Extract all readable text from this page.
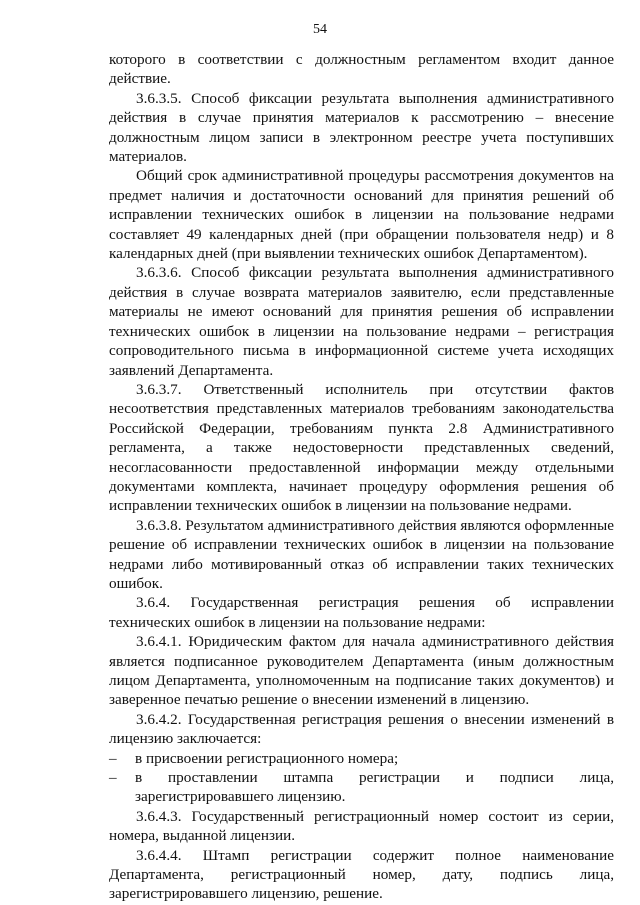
54

которого в соответствии с должностным регламентом входит данное действие.

3.6.3.5. Способ фиксации результата выполнения административного действия в случае принятия материалов к рассмотрению – внесение должностным лицом записи в электронном реестре учета поступивших материалов.

Общий срок административной процедуры рассмотрения документов на предмет наличия и достаточности оснований для принятия решений об исправлении технических ошибок в лицензии на пользование недрами составляет 49 календарных дней (при обращении пользователя недр) и 8 календарных дней (при выявлении технических ошибок Департаментом).

3.6.3.6. Способ фиксации результата выполнения административного действия в случае возврата материалов заявителю, если представленные материалы не имеют оснований для принятия решения об исправлении технических ошибок в лицензии на пользование недрами – регистрация сопроводительного письма в информационной системе учета исходящих заявлений Департамента.

3.6.3.7. Ответственный исполнитель при отсутствии фактов несоответствия представленных материалов требованиям законодательства Российской Федерации, требованиям пункта 2.8 Административного регламента, а также недостоверности представленных сведений, несогласованности предоставленной информации между отдельными документами комплекта, начинает процедуру оформления решения об исправлении технических ошибок в лицензии на пользование недрами.

3.6.3.8. Результатом административного действия являются оформленные решение об исправлении технических ошибок в лицензии на пользование недрами либо мотивированный отказ об исправлении таких технических ошибок.

3.6.4. Государственная регистрация решения об исправлении технических ошибок в лицензии на пользование недрами:

3.6.4.1. Юридическим фактом для начала административного действия является подписанное руководителем Департамента (иным должностным лицом Департамента, уполномоченным на подписание таких документов) и заверенное печатью решение о внесении изменений в лицензию.

3.6.4.2. Государственная регистрация решения о внесении изменений в лицензию заключается:

–	в присвоении регистрационного номера;
–	в проставлении штампа регистрации и подписи лица, зарегистрировавшего лицензию.

3.6.4.3. Государственный регистрационный номер состоит из серии, номера, выданной лицензии.

3.6.4.4. Штамп регистрации содержит полное наименование Департамента, регистрационный номер, дату, подпись лица, зарегистрировавшего лицензию, решение.
